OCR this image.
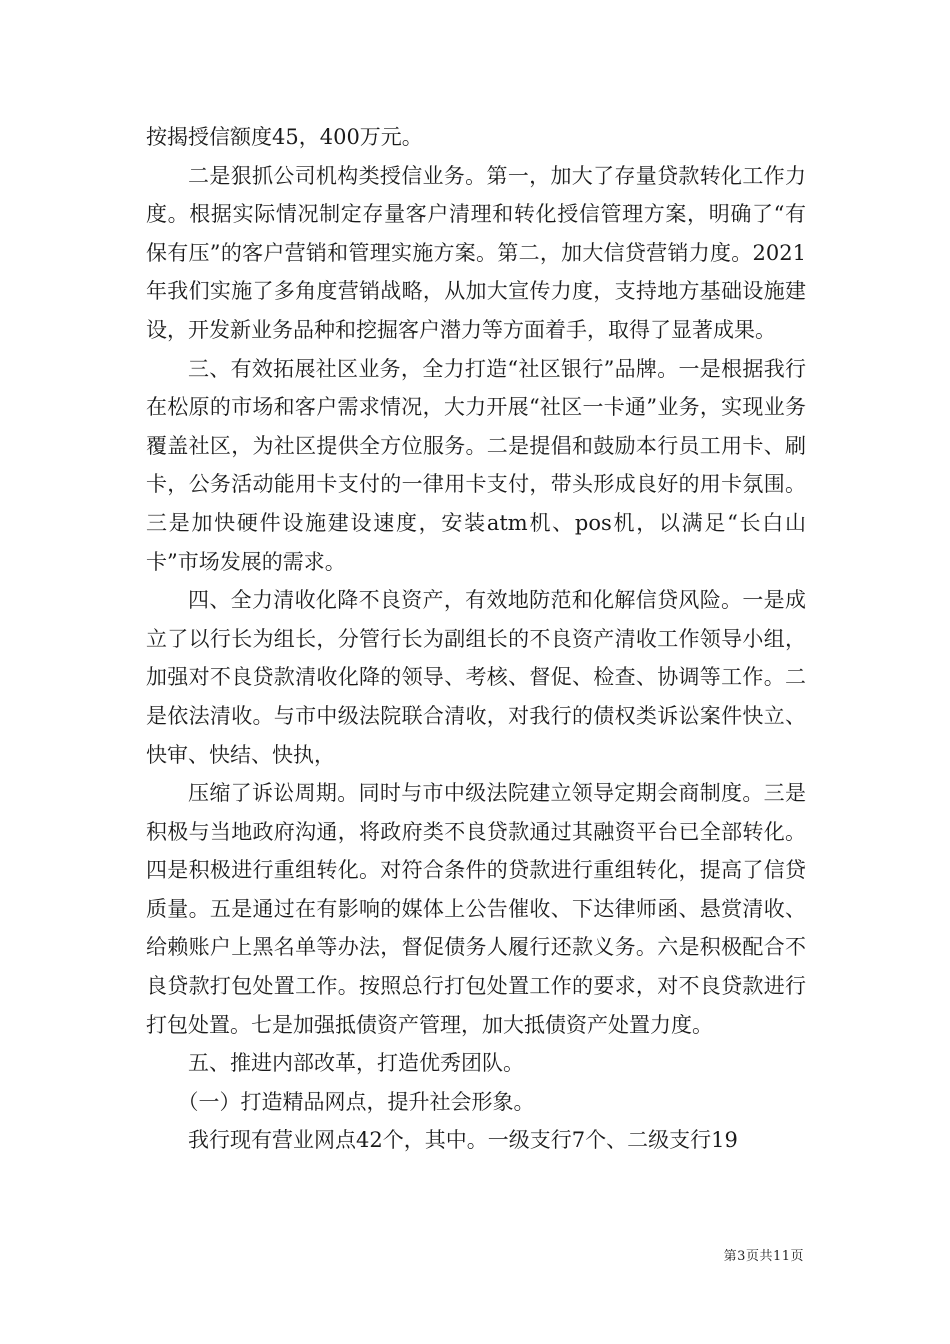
按揭授信额度45，400万元。

二是狠抓公司机构类授信业务。第一，加大了存量贷款转化工作力度。根据实际情况制定存量客户清理和转化授信管理方案，明确了“有保有压”的客户营销和管理实施方案。第二，加大信贷营销力度。2021年我们实施了多角度营销战略，从加大宣传力度，支持地方基础设施建设，开发新业务品种和挖掘客户潜力等方面着手，取得了显著成果。

三、有效拓展社区业务，全力打造“社区银行”品牌。一是根据我行在松原的市场和客户需求情况，大力开展“社区一卡通”业务，实现业务覆盖社区，为社区提供全方位服务。二是提倡和鼓励本行员工用卡、刷卡，公务活动能用卡支付的一律用卡支付，带头形成良好的用卡氛围。三是加快硬件设施建设速度，安装atm机、pos机，以满足“长白山卡”市场发展的需求。

四、全力清收化降不良资产，有效地防范和化解信贷风险。一是成立了以行长为组长，分管行长为副组长的不良资产清收工作领导小组，加强对不良贷款清收化降的领导、考核、督促、检查、协调等工作。二是依法清收。与市中级法院联合清收，对我行的债权类诉讼案件快立、快审、快结、快执，

压缩了诉讼周期。同时与市中级法院建立领导定期会商制度。三是积极与当地政府沟通，将政府类不良贷款通过其融资平台已全部转化。四是积极进行重组转化。对符合条件的贷款进行重组转化，提高了信贷质量。五是通过在有影响的媒体上公告催收、下达律师函、悬赏清收、给赖账户上黑名单等办法，督促债务人履行还款义务。六是积极配合不良贷款打包处置工作。按照总行打包处置工作的要求，对不良贷款进行打包处置。七是加强抵债资产管理，加大抵债资产处置力度。

五、推进内部改革，打造优秀团队。

（一）打造精品网点，提升社会形象。

我行现有营业网点42个，其中。一级支行7个、二级支行19

第3页共11页
